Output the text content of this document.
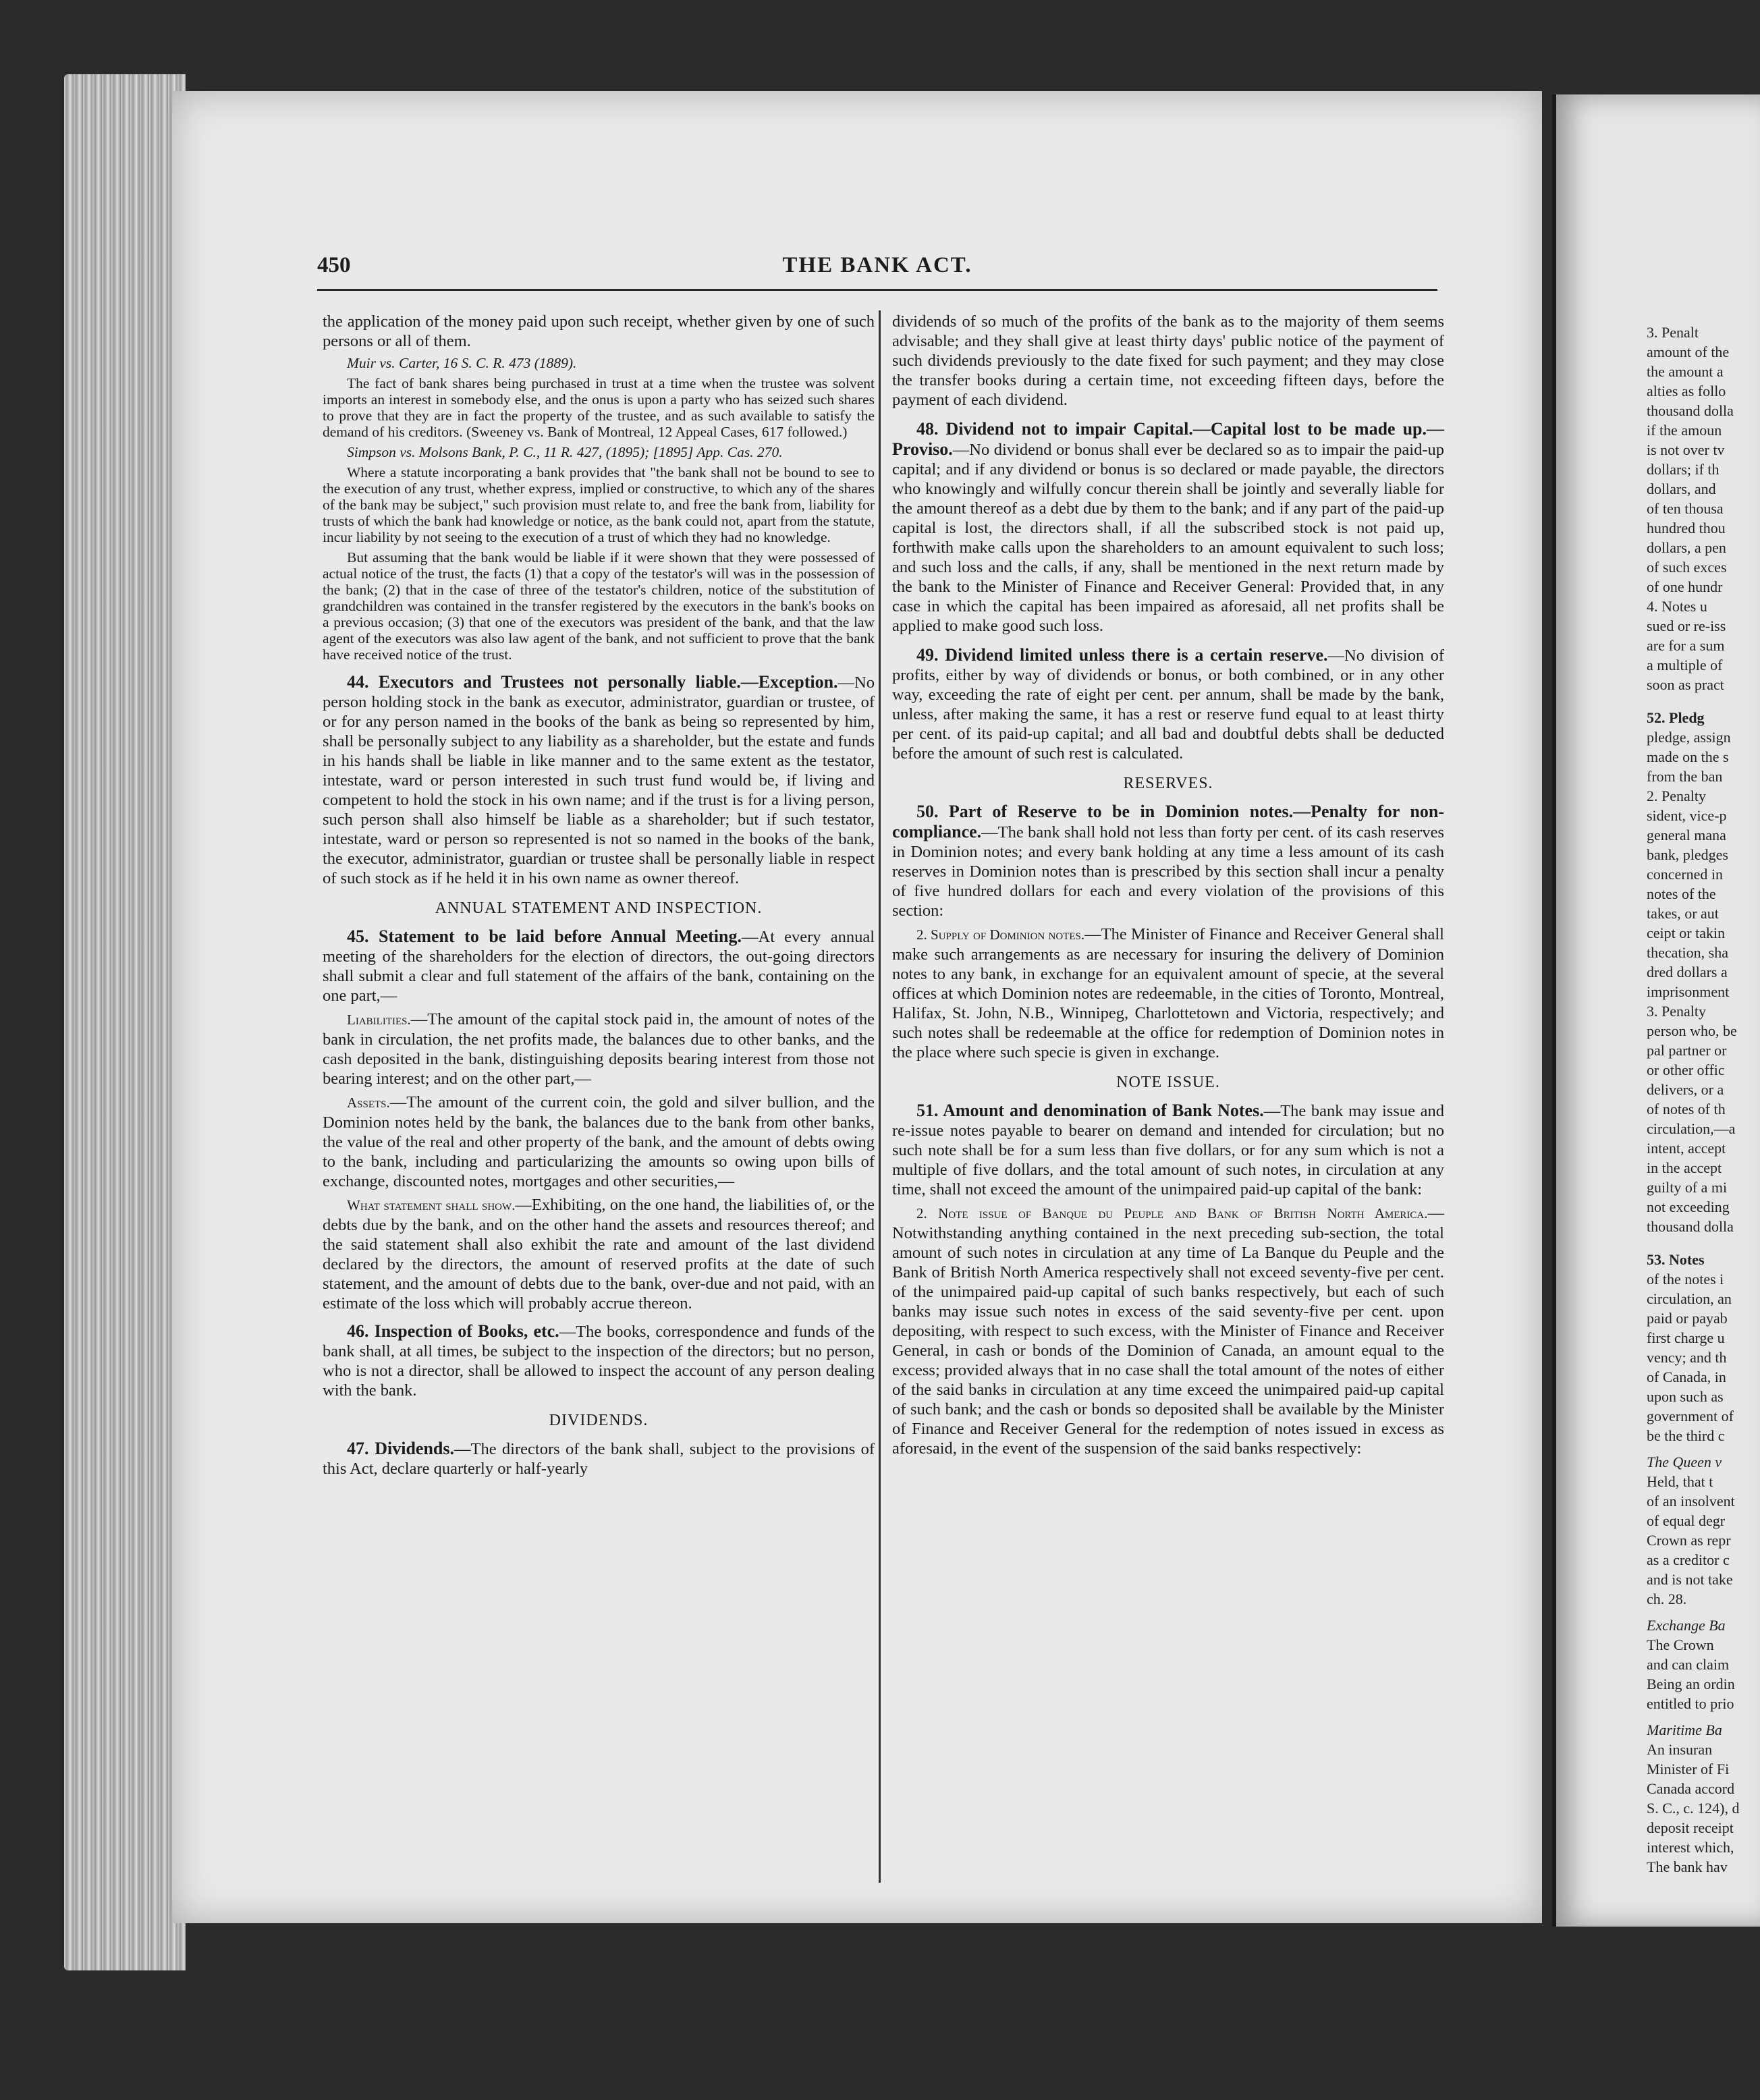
450	THE BANK ACT.

the application of the money paid upon such receipt, whether given by one of such persons or all of them.

Muir vs. Carter, 16 S. C. R. 473 (1889).

The fact of bank shares being purchased in trust at a time when the trustee was solvent imports an interest in somebody else, and the onus is upon a party who has seized such shares to prove that they are in fact the property of the trustee, and as such available to satisfy the demand of his creditors. (Sweeney vs. Bank of Montreal, 12 Appeal Cases, 617 followed.)

Simpson vs. Molsons Bank, P. C., 11 R. 427, (1895); [1895] App. Cas. 270.

Where a statute incorporating a bank provides that "the bank shall not be bound to see to the execution of any trust, whether express, implied or constructive, to which any of the shares of the bank may be subject," such provision must relate to, and free the bank from, liability for trusts of which the bank had knowledge or notice, as the bank could not, apart from the statute, incur liability by not seeing to the execution of a trust of which they had no knowledge.

But assuming that the bank would be liable if it were shown that they were possessed of actual notice of the trust, the facts (1) that a copy of the testator's will was in the possession of the bank; (2) that in the case of three of the testator's children, notice of the substitution of grandchildren was contained in the transfer registered by the executors in the bank's books on a previous occasion; (3) that one of the executors was president of the bank, and that the law agent of the executors was also law agent of the bank, and not sufficient to prove that the bank have received notice of the trust.

44. Executors and Trustees not personally liable.—Exception.—No person holding stock in the bank as executor, administrator, guardian or trustee, of or for any person named in the books of the bank as being so represented by him, shall be personally subject to any liability as a shareholder, but the estate and funds in his hands shall be liable in like manner and to the same extent as the testator, intestate, ward or person interested in such trust fund would be, if living and competent to hold the stock in his own name; and if the trust is for a living person, such person shall also himself be liable as a shareholder; but if such testator, intestate, ward or person so represented is not so named in the books of the bank, the executor, administrator, guardian or trustee shall be personally liable in respect of such stock as if he held it in his own name as owner thereof.

ANNUAL STATEMENT AND INSPECTION.

45. Statement to be laid before Annual Meeting.—At every annual meeting of the shareholders for the election of directors, the out-going directors shall submit a clear and full statement of the affairs of the bank, containing on the one part,—

Liabilities.—The amount of the capital stock paid in, the amount of notes of the bank in circulation, the net profits made, the balances due to other banks, and the cash deposited in the bank, distinguishing deposits bearing interest from those not bearing interest; and on the other part,—

Assets.—The amount of the current coin, the gold and silver bullion, and the Dominion notes held by the bank, the balances due to the bank from other banks, the value of the real and other property of the bank, and the amount of debts owing to the bank, including and particularizing the amounts so owing upon bills of exchange, discounted notes, mortgages and other securities,—

What statement shall show.—Exhibiting, on the one hand, the liabilities of, or the debts due by the bank, and on the other hand the assets and resources thereof; and the said statement shall also exhibit the rate and amount of the last dividend declared by the directors, the amount of reserved profits at the date of such statement, and the amount of debts due to the bank, over-due and not paid, with an estimate of the loss which will probably accrue thereon.

46. Inspection of Books, etc.—The books, correspondence and funds of the bank shall, at all times, be subject to the inspection of the directors; but no person, who is not a director, shall be allowed to inspect the account of any person dealing with the bank.

DIVIDENDS.

47. Dividends.—The directors of the bank shall, subject to the provisions of this Act, declare quarterly or half-yearly

dividends of so much of the profits of the bank as to the majority of them seems advisable; and they shall give at least thirty days' public notice of the payment of such dividends previously to the date fixed for such payment; and they may close the transfer books during a certain time, not exceeding fifteen days, before the payment of each dividend.

48. Dividend not to impair Capital.—Capital lost to be made up.—Proviso.—No dividend or bonus shall ever be declared so as to impair the paid-up capital; and if any dividend or bonus is so declared or made payable, the directors who knowingly and wilfully concur therein shall be jointly and severally liable for the amount thereof as a debt due by them to the bank; and if any part of the paid-up capital is lost, the directors shall, if all the subscribed stock is not paid up, forthwith make calls upon the shareholders to an amount equivalent to such loss; and such loss and the calls, if any, shall be mentioned in the next return made by the bank to the Minister of Finance and Receiver General: Provided that, in any case in which the capital has been impaired as aforesaid, all net profits shall be applied to make good such loss.

49. Dividend limited unless there is a certain reserve.—No division of profits, either by way of dividends or bonus, or both combined, or in any other way, exceeding the rate of eight per cent. per annum, shall be made by the bank, unless, after making the same, it has a rest or reserve fund equal to at least thirty per cent. of its paid-up capital; and all bad and doubtful debts shall be deducted before the amount of such rest is calculated.

RESERVES.

50. Part of Reserve to be in Dominion notes.—Penalty for non-compliance.—The bank shall hold not less than forty per cent. of its cash reserves in Dominion notes; and every bank holding at any time a less amount of its cash reserves in Dominion notes than is prescribed by this section shall incur a penalty of five hundred dollars for each and every violation of the provisions of this section:

2. Supply of Dominion notes.—The Minister of Finance and Receiver General shall make such arrangements as are necessary for insuring the delivery of Dominion notes to any bank, in exchange for an equivalent amount of specie, at the several offices at which Dominion notes are redeemable, in the cities of Toronto, Montreal, Halifax, St. John, N.B., Winnipeg, Charlottetown and Victoria, respectively; and such notes shall be redeemable at the office for redemption of Dominion notes in the place where such specie is given in exchange.

NOTE ISSUE.

51. Amount and denomination of Bank Notes.—The bank may issue and re-issue notes payable to bearer on demand and intended for circulation; but no such note shall be for a sum less than five dollars, or for any sum which is not a multiple of five dollars, and the total amount of such notes, in circulation at any time, shall not exceed the amount of the unimpaired paid-up capital of the bank:

2. Note issue of Banque du Peuple and Bank of British North America.—Notwithstanding anything contained in the next preceding sub-section, the total amount of such notes in circulation at any time of La Banque du Peuple and the Bank of British North America respectively shall not exceed seventy-five per cent. of the unimpaired paid-up capital of such banks respectively, but each of such banks may issue such notes in excess of the said seventy-five per cent. upon depositing, with respect to such excess, with the Minister of Finance and Receiver General, in cash or bonds of the Dominion of Canada, an amount equal to the excess; provided always that in no case shall the total amount of the notes of either of the said banks in circulation at any time exceed the unimpaired paid-up capital of such bank; and the cash or bonds so deposited shall be available by the Minister of Finance and Receiver General for the redemption of notes issued in excess as aforesaid, in the event of the suspension of the said banks respectively:

3. Penalt
amount of the
the amount a
alties as follo
thousand dolla
if the amoun
is not over tv
dollars; if th
dollars, and
of ten thousa
hundred thou
dollars, a pen
of such exces
of one hundr
4. Notes u
sued or re-iss
are for a sum
a multiple of
soon as pract
52. Pledg
pledge, assign
made on the s
from the ban
2. Penalty
sident, vice-p
general mana
bank, pledges
concerned in
notes of the
takes, or aut
ceipt or takin
thecation, sha
dred dollars a
imprisonment
3. Penalty
person who, be
pal partner or
or other offic
delivers, or a
of notes of th
circulation,—a
intent, accept
in the accept
guilty of a mi
not exceeding
thousand dolla
53. Notes
of the notes i
circulation, an
paid or payab
first charge u
vency; and th
of Canada, in
upon such as
government of
be the third c
The Queen v
Held, that t
of an insolvent
of equal degr
Crown as repr
as a creditor c
and is not take
ch. 28.
Exchange Ba
The Crown
and can claim
Being an ordin
entitled to prio
Maritime Ba
An insuran
Minister of Fi
Canada accord
S. C., c. 124), d
deposit receipt
interest which,
The bank hav
